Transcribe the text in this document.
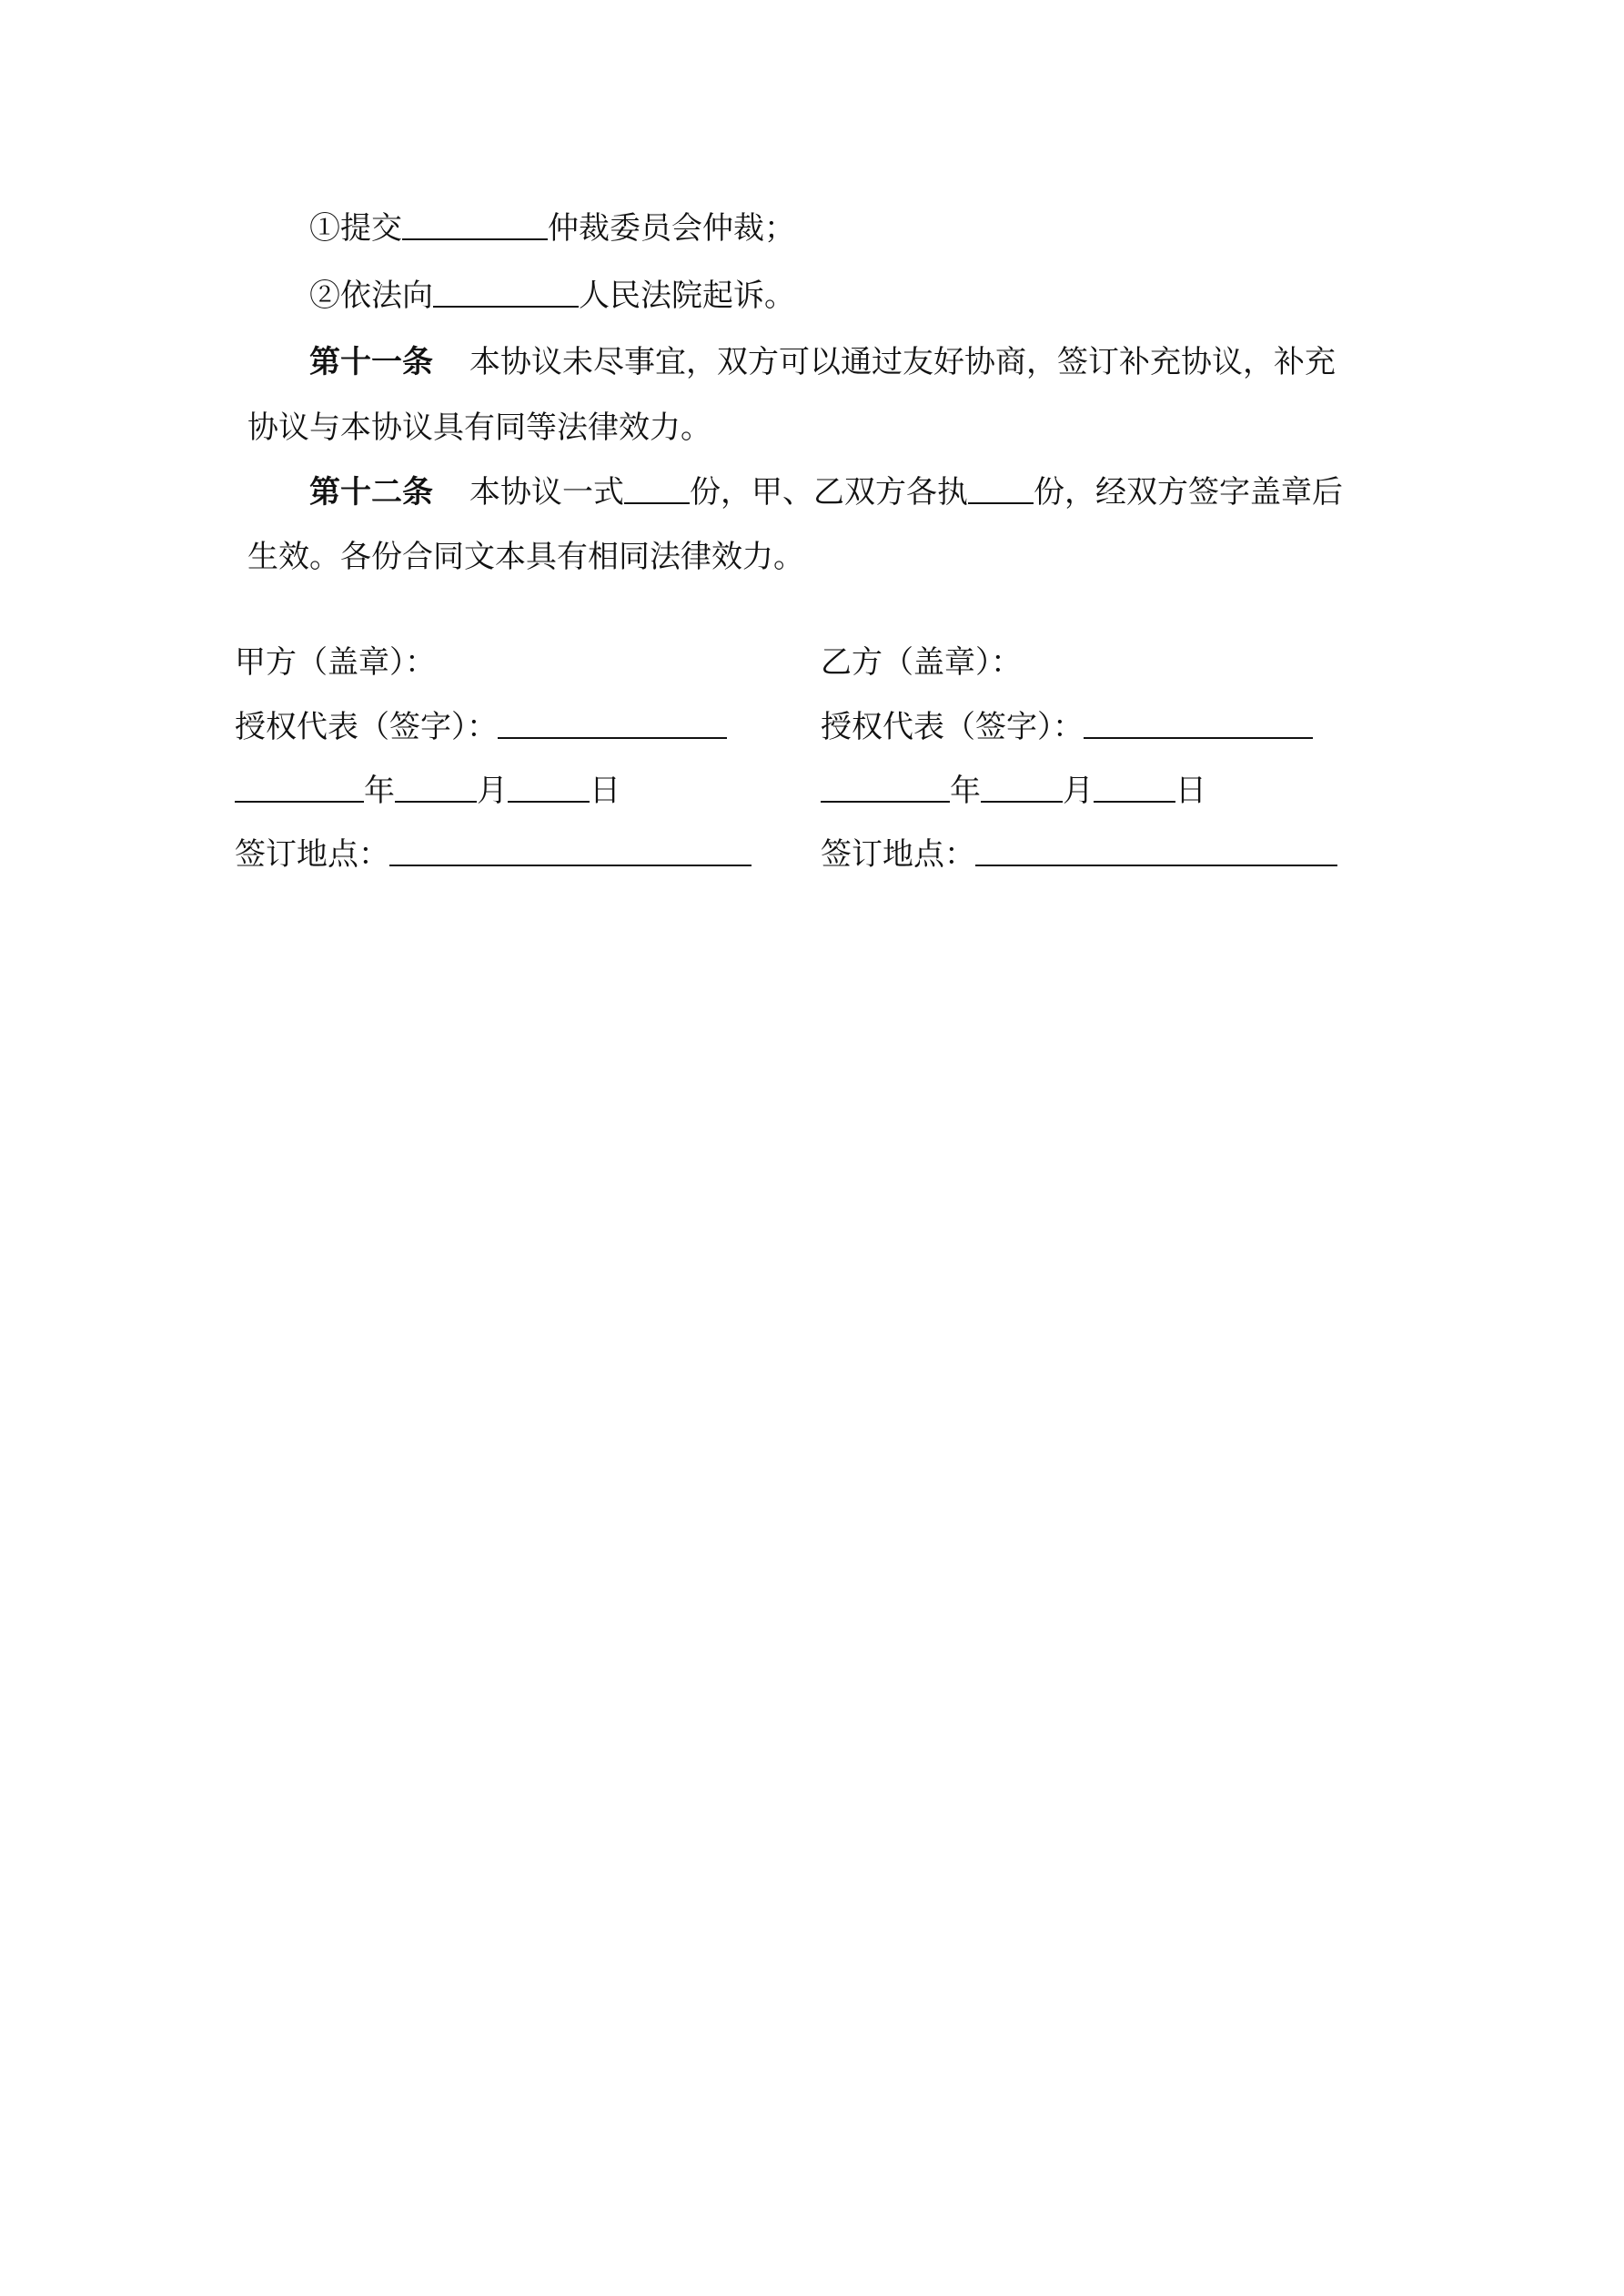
①提交	仲裁委员会仲裁；
②依法向	人民法院起诉。
第十一条 本协议未尽事宜，双方可以通过友好协商，签订补充协议，补充
协议与本协议具有同等法律效力。
第十二条 本协议一式 份，甲、乙双方各执 份，经双方签字盖章后
生效。各份合同文本具有相同法律效力。
甲方（盖章）：
授权代表（签字）：
年	月	日
签订地点：
乙方（盖章）：
授权代表（签字）：
年	月	日
签订地点：
